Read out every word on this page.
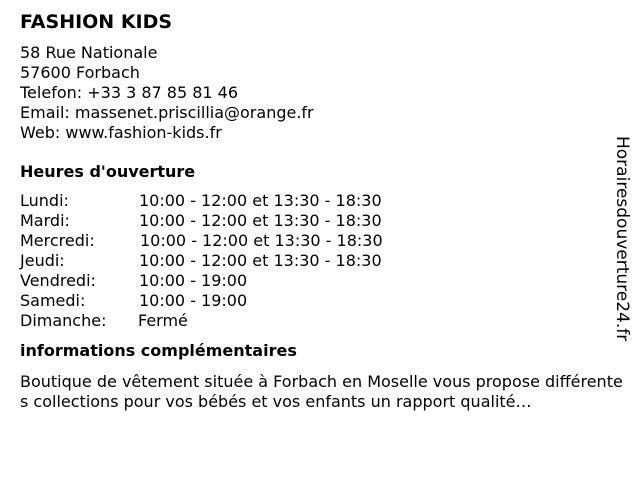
FASHION KIDS
58 Rue Nationale
57600 Forbach
Telefon: +33 3 87 85 81 46
Email: massenet.priscillia@orange.fr
Web: www.fashion-kids.fr
Heures d'ouverture
Lundi:	10:00 - 12:00 et 13:30 - 18:30
Mardi:	10:00 - 12:00 et 13:30 - 18:30
Mercredi:	10:00 - 12:00 et 13:30 - 18:30
Jeudi:	10:00 - 12:00 et 13:30 - 18:30
Vendredi:	10:00 - 19:00
Samedi:	10:00 - 19:00
Dimanche: Fermé
informations complémentaires
Boutique de vêtement située à Forbach en Moselle vous propose différentes collections pour vos bébés et vos enfants un rapport qualité…
Horairesdouverture24.fr
